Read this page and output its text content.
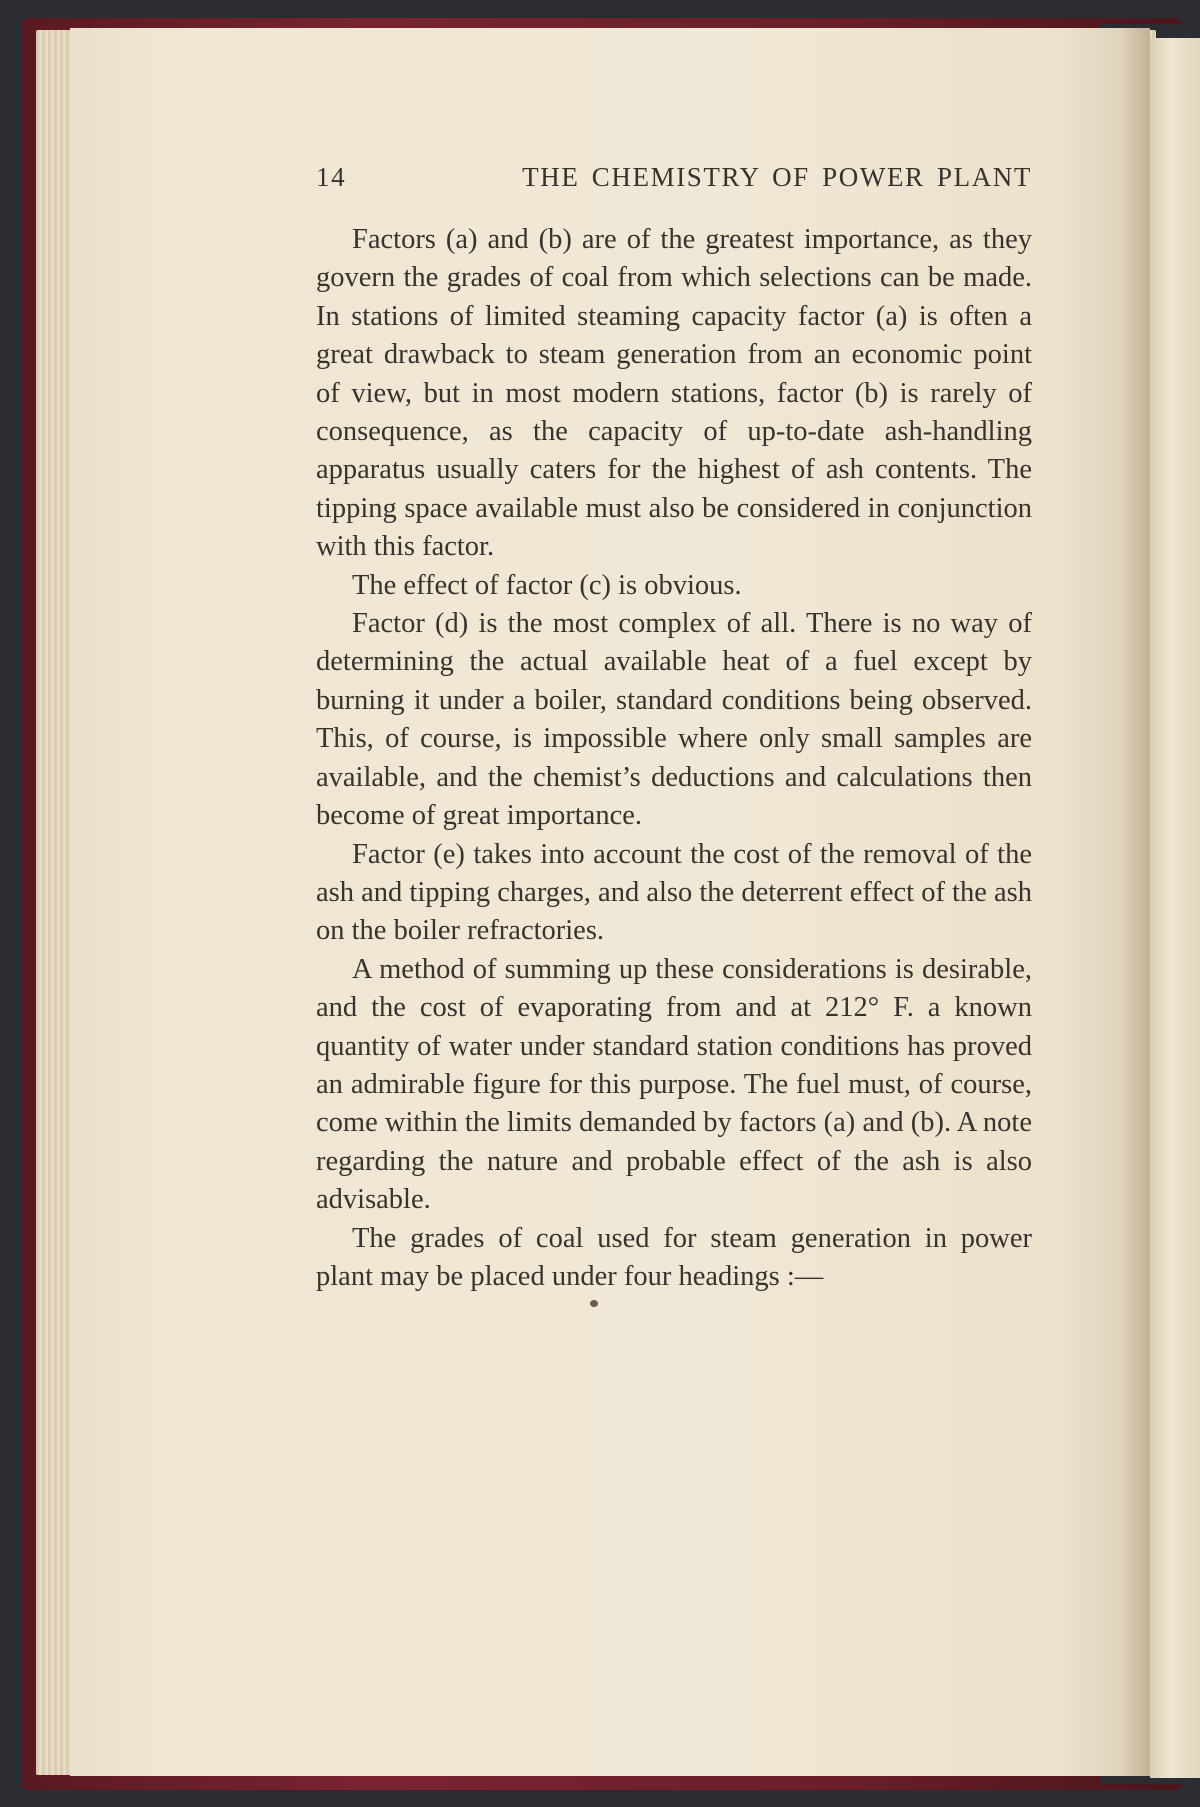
14	THE CHEMISTRY OF POWER PLANT

Factors (a) and (b) are of the greatest importance, as they govern the grades of coal from which selections can be made. In stations of limited steaming capacity factor (a) is often a great drawback to steam generation from an economic point of view, but in most modern stations, factor (b) is rarely of consequence, as the capacity of up-to-date ash-handling apparatus usually caters for the highest of ash contents. The tipping space available must also be considered in conjunction with this factor.

The effect of factor (c) is obvious.

Factor (d) is the most complex of all. There is no way of determining the actual available heat of a fuel except by burning it under a boiler, standard conditions being observed. This, of course, is impossible where only small samples are available, and the chemist’s deductions and calculations then become of great importance.

Factor (e) takes into account the cost of the removal of the ash and tipping charges, and also the deterrent effect of the ash on the boiler refractories.

A method of summing up these considerations is desirable, and the cost of evaporating from and at 212° F. a known quantity of water under standard station conditions has proved an admirable figure for this purpose. The fuel must, of course, come within the limits demanded by factors (a) and (b). A note regarding the nature and probable effect of the ash is also advisable.

The grades of coal used for steam generation in power plant may be placed under four headings :—
